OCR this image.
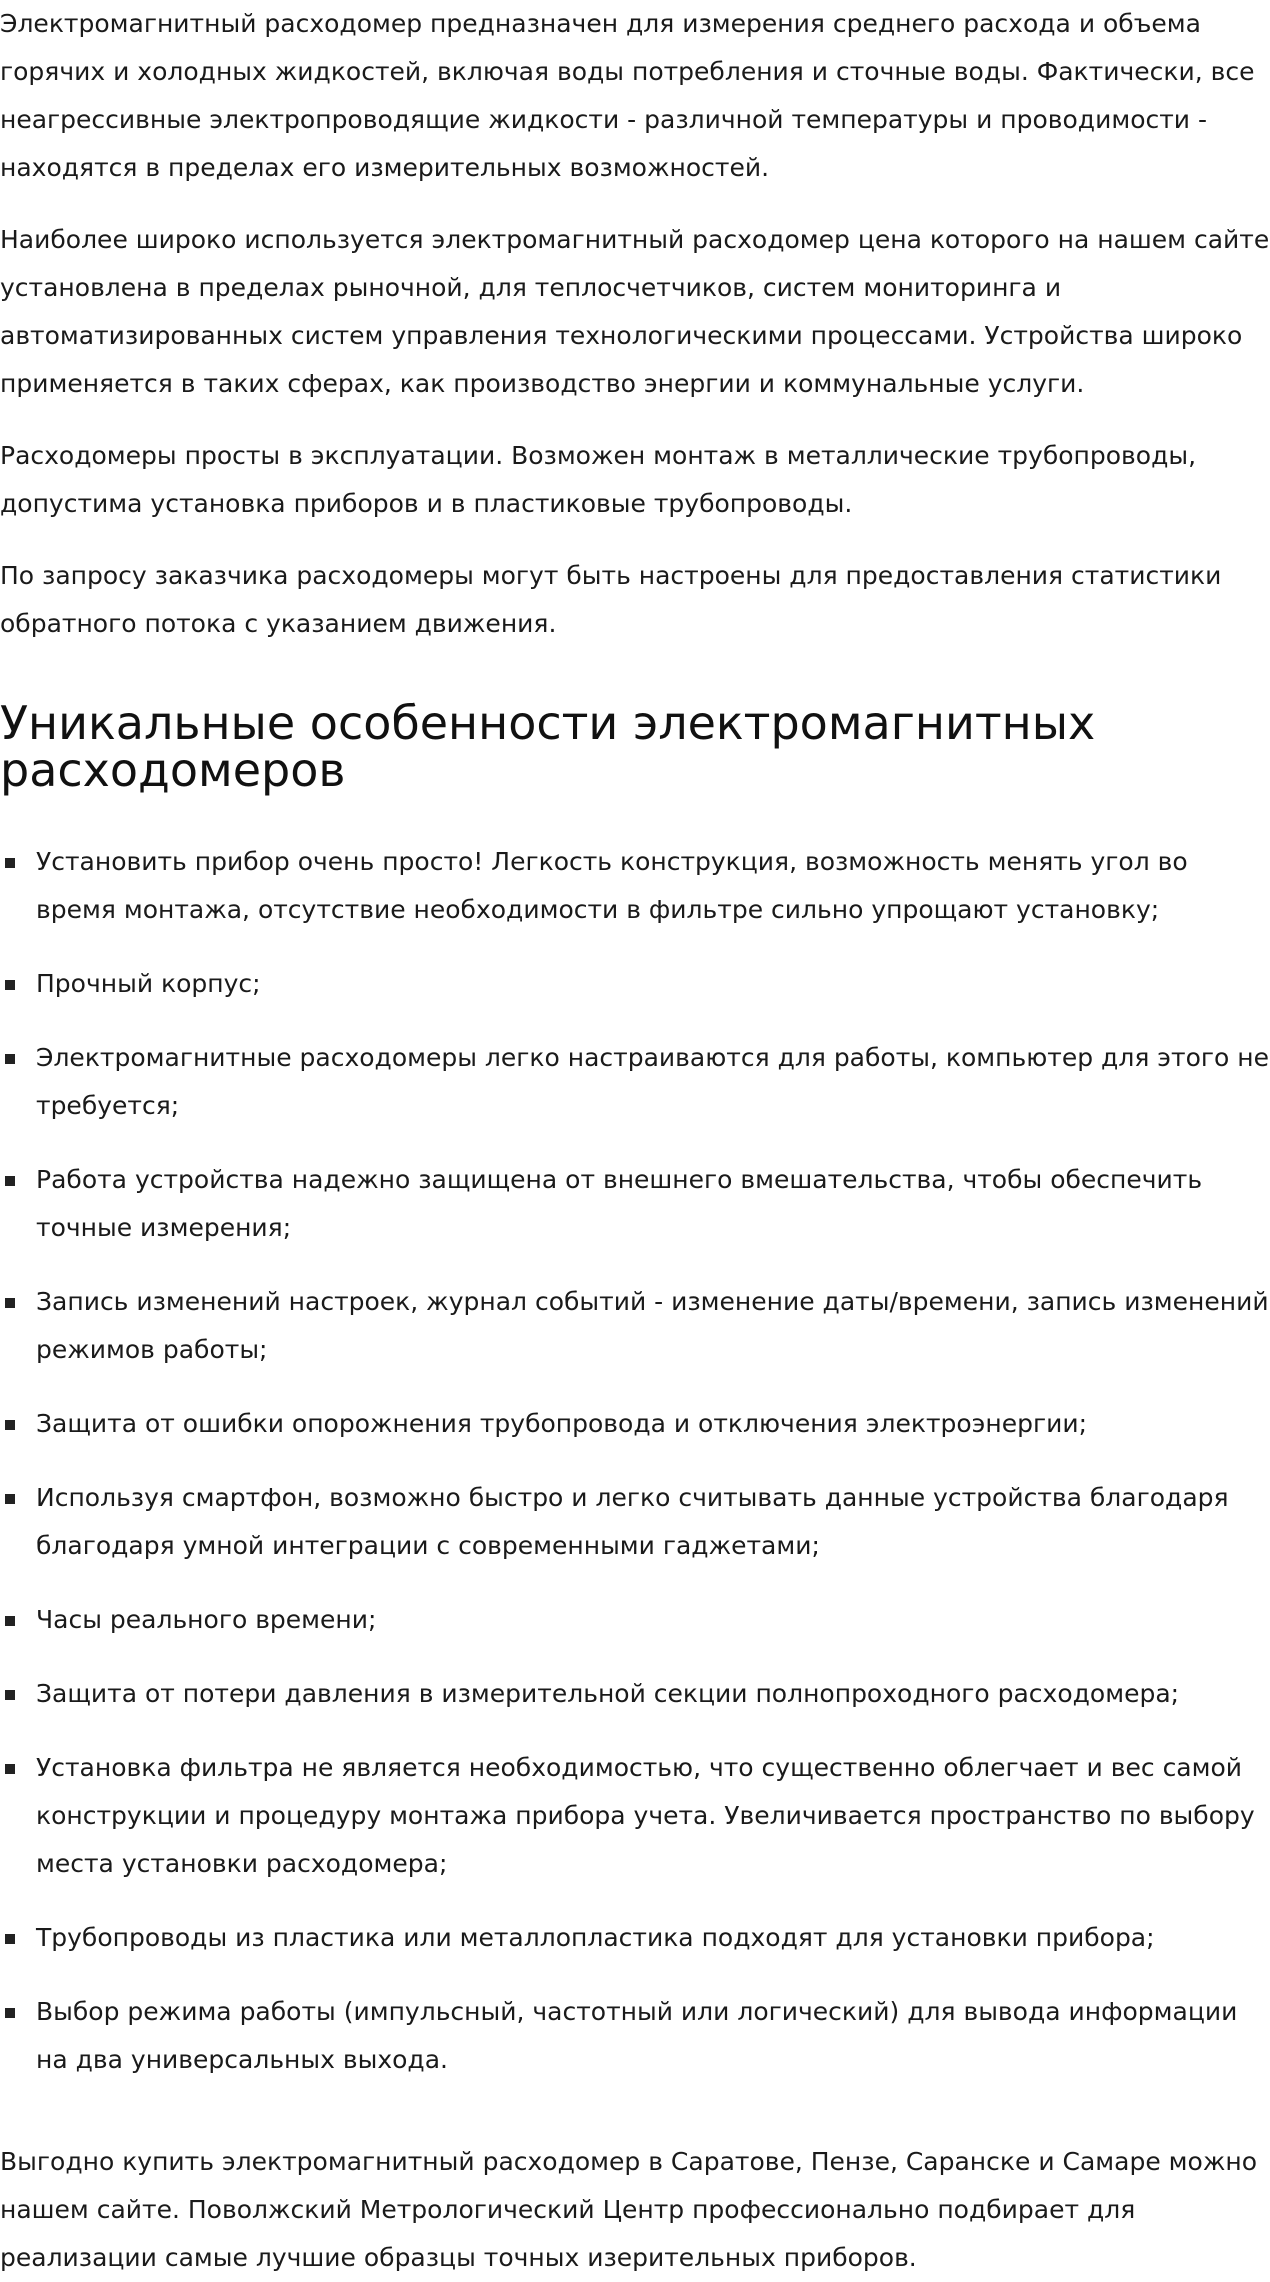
Электромагнитный расходомер предназначен для измерения среднего расхода и объема горячих и холодных жидкостей, включая воды потребления и сточные воды. Фактически, все неагрессивные электропроводящие жидкости - различной температуры и проводимости - находятся в пределах его измерительных возможностей.

Наиболее широко используется электромагнитный расходомер цена которого на нашем сайте установлена в пределах рыночной, для теплосчетчиков, систем мониторинга и автоматизированных систем управления технологическими процессами. Устройства широко применяется в таких сферах, как производство энергии и коммунальные услуги.

Расходомеры просты в эксплуатации. Возможен монтаж в металлические трубопроводы, допустима установка приборов и в пластиковые трубопроводы.

По запросу заказчика расходомеры могут быть настроены для предоставления статистики обратного потока с указанием движения.

Уникальные особенности электромагнитных расходомеров
Установить прибор очень просто! Легкость конструкция, возможность менять угол во время монтажа, отсутствие необходимости в фильтре сильно упрощают установку;
Прочный корпус;
Электромагнитные расходомеры легко настраиваются для работы, компьютер для этого не требуется;
Работа устройства надежно защищена от внешнего вмешательства, чтобы обеспечить точные измерения;
Запись изменений настроек, журнал событий - изменение даты/времени, запись изменений режимов работы;
Защита от ошибки опорожнения трубопровода и отключения электроэнергии;
Используя смартфон, возможно быстро и легко считывать данные устройства благодаря благодаря умной интеграции с современными гаджетами;
Часы реального времени;
Защита от потери давления в измерительной секции полнопроходного расходомера;
Установка фильтра не является необходимостью, что существенно облегчает и вес самой конструкции и процедуру монтажа прибора учета. Увеличивается пространство по выбору места установки расходомера;
Трубопроводы из пластика или металлопластика подходят для установки прибора;
Выбор режима работы (импульсный, частотный или логический) для вывода информации на два универсальных выхода.

Выгодно купить электромагнитный расходомер в Саратове, Пензе, Саранске и Самаре можно нашем сайте. Поволжский Метрологический Центр профессионально подбирает для реализации самые лучшие образцы точных изерительных приборов.
